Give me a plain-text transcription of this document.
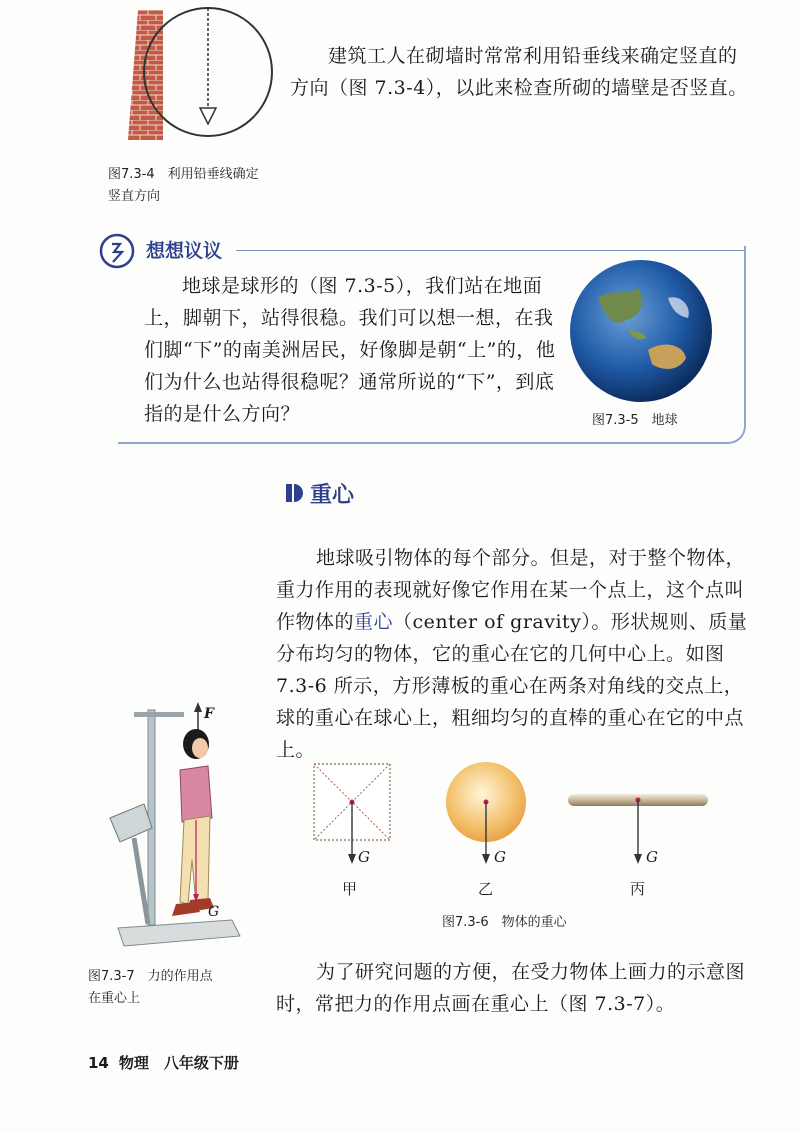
建筑工人在砌墙时常常利用铅垂线来确定竖直的方向（图 7.3-4），以此来检查所砌的墙壁是否竖直。
图7.3-4　利用铅垂线确定
竖直方向
想想议议
地球是球形的（图 7.3-5），我们站在地面上，脚朝下，站得很稳。我们可以想一想，在我们脚“下”的南美洲居民，好像脚是朝“上”的，他们为什么也站得很稳呢？通常所说的“下”，到底指的是什么方向？	图7.3-5　地球
重心
地球吸引物体的每个部分。但是，对于整个物体，重力作用的表现就好像它作用在某一个点上，这个点叫作物体的重心（center of gravity）。形状规则、质量分布均匀的物体，它的重心在它的几何中心上。如图 7.3-6 所示，方形薄板的重心在两条对角线的交点上，球的重心在球心上，粗细均匀的直棒的重心在它的中点上。
G	G	G
甲	乙	丙
图7.3-6　物体的重心
F
G
图7.3-7　力的作用点
在重心上
为了研究问题的方便，在受力物体上画力的示意图时，常把力的作用点画在重心上（图 7.3-7）。
14 物理　八年级下册
